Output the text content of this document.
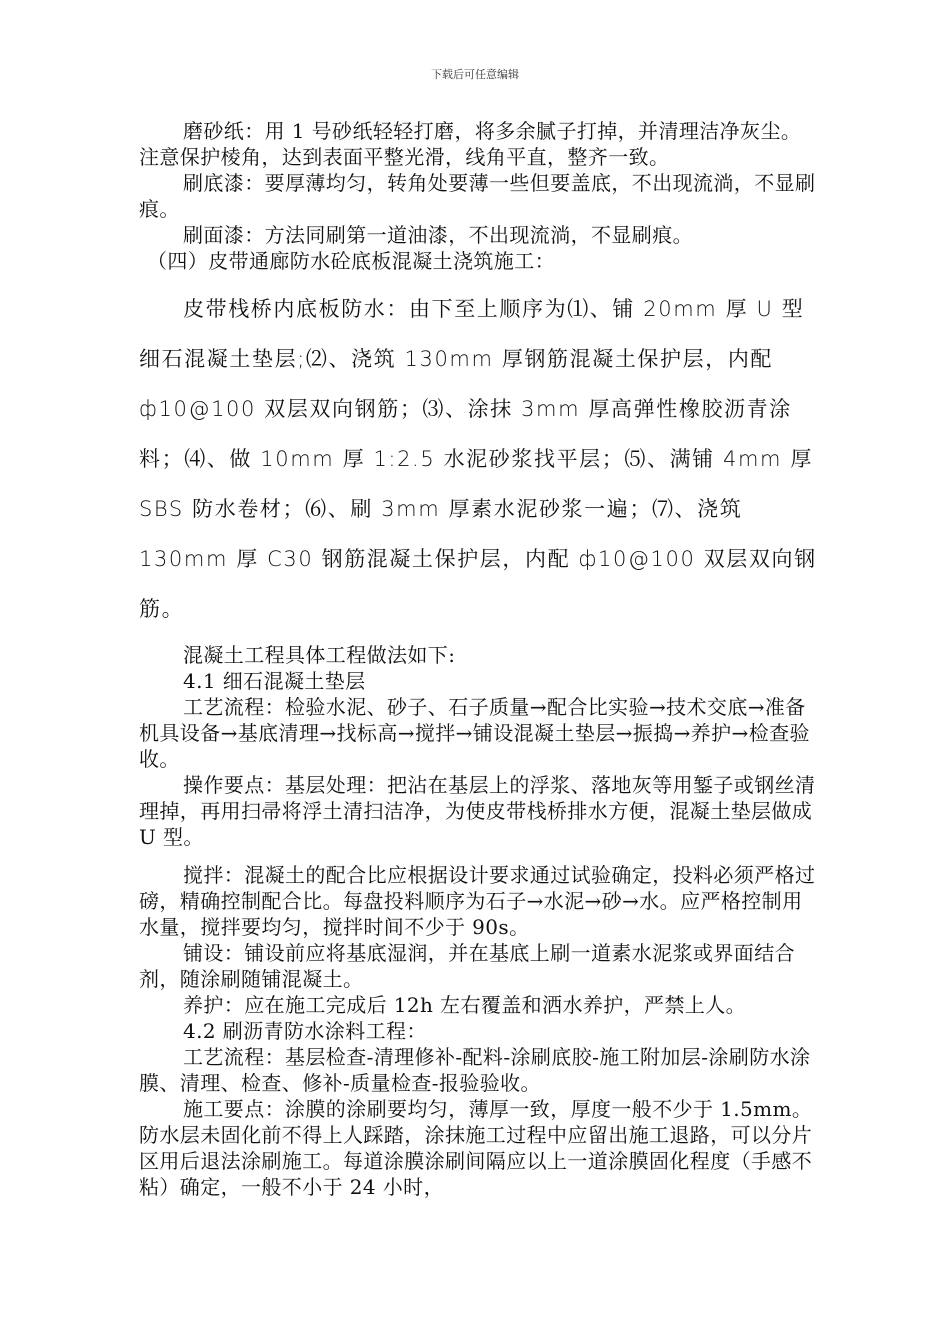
下载后可任意编辑

磨砂纸：用 1 号砂纸轻轻打磨，将多余腻子打掉，并清理洁净灰尘。注意保护棱角，达到表面平整光滑，线角平直，整齐一致。

刷底漆：要厚薄均匀，转角处要薄一些但要盖底，不出现流淌，不显刷痕。

刷面漆：方法同刷第一道油漆，不出现流淌，不显刷痕。

（四）皮带通廊防水砼底板混凝土浇筑施工：

皮带栈桥内底板防水：由下至上顺序为⑴、铺 20mm 厚 U 型细石混凝土垫层;⑵、浇筑 130mm 厚钢筋混凝土保护层，内配 ф10@100 双层双向钢筋；⑶、涂抹 3mm 厚高弹性橡胶沥青涂料；⑷、做 10mm 厚 1:2.5 水泥砂浆找平层；⑸、满铺 4mm 厚 SBS 防水卷材；⑹、刷 3mm 厚素水泥砂浆一遍；⑺、浇筑 130mm 厚 C30 钢筋混凝土保护层，内配 ф10@100 双层双向钢筋。

混凝土工程具体工程做法如下:

4.1 细石混凝土垫层

工艺流程：检验水泥、砂子、石子质量→配合比实验→技术交底→准备机具设备→基底清理→找标高→搅拌→铺设混凝土垫层→振捣→养护→检查验收。

操作要点：基层处理：把沾在基层上的浮浆、落地灰等用錾子或钢丝清理掉，再用扫帚将浮土清扫洁净，为使皮带栈桥排水方便，混凝土垫层做成 U 型。

搅拌：混凝土的配合比应根据设计要求通过试验确定，投料必须严格过磅，精确控制配合比。每盘投料顺序为石子→水泥→砂→水。应严格控制用水量，搅拌要均匀，搅拌时间不少于 90s。

铺设：铺设前应将基底湿润，并在基底上刷一道素水泥浆或界面结合剂，随涂刷随铺混凝土。

养护：应在施工完成后 12h 左右覆盖和洒水养护，严禁上人。

4.2 刷沥青防水涂料工程：

工艺流程：基层检查-清理修补-配料-涂刷底胶-施工附加层-涂刷防水涂膜、清理、检查、修补-质量检查-报验验收。

施工要点：涂膜的涂刷要均匀，薄厚一致，厚度一般不少于 1.5mm。防水层未固化前不得上人踩踏，涂抹施工过程中应留出施工退路，可以分片区用后退法涂刷施工。每道涂膜涂刷间隔应以上一道涂膜固化程度（手感不粘）确定，一般不小于 24 小时，
